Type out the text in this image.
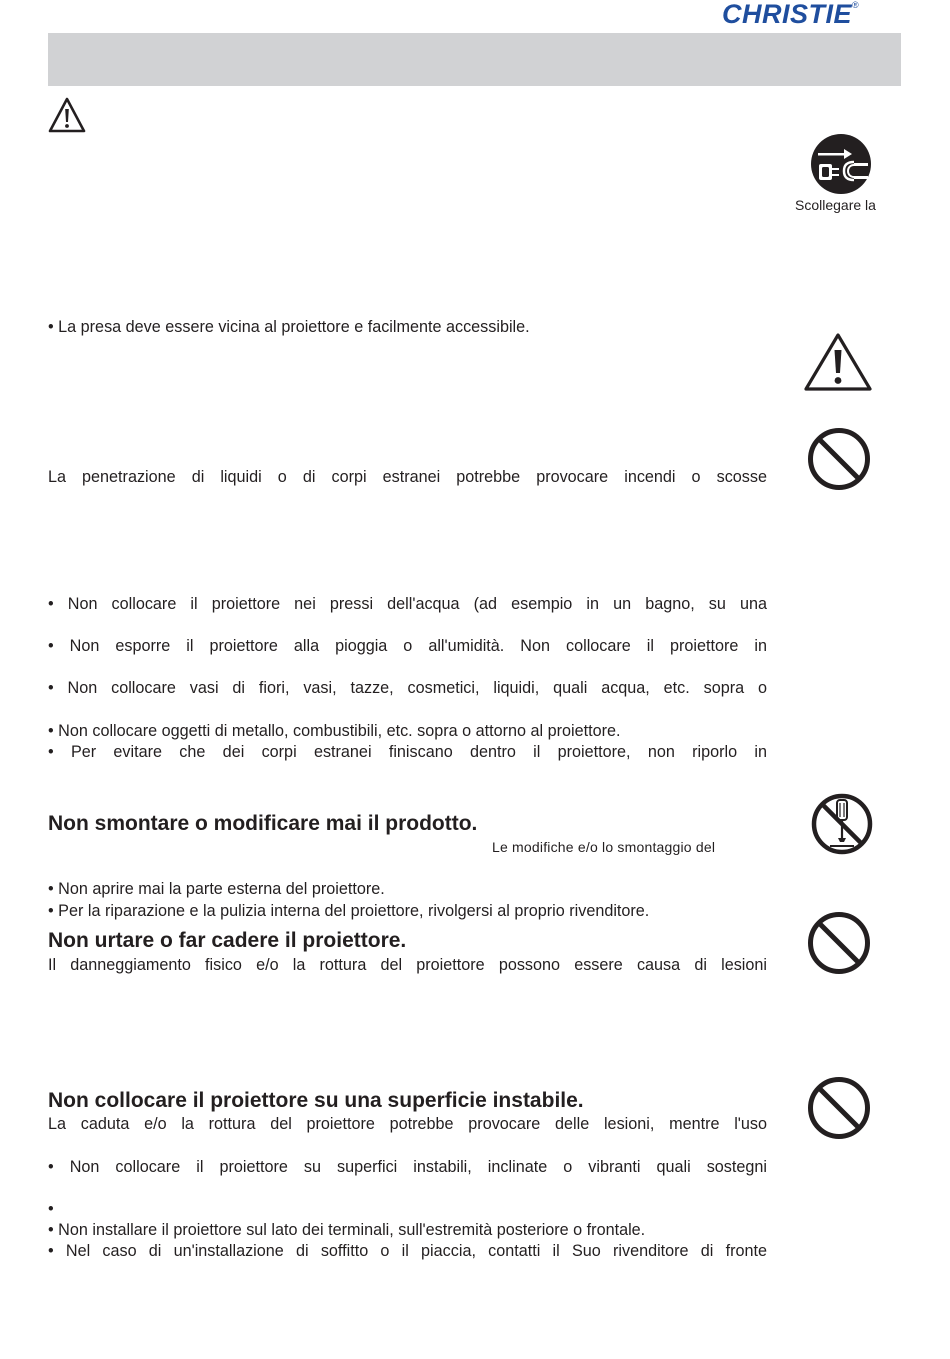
CHRISTIE®
Scollegare la
• La presa deve essere vicina al proiettore e facilmente accessibile.
La penetrazione di liquidi o di corpi estranei potrebbe provocare incendi o scosse
• Non collocare il proiettore nei pressi dell'acqua (ad esempio in un bagno, su una
• Non esporre il proiettore alla pioggia o all'umidità. Non collocare il proiettore in
• Non collocare vasi di fiori, vasi, tazze, cosmetici, liquidi, quali acqua, etc. sopra o
• Non collocare oggetti di metallo, combustibili, etc. sopra o attorno al proiettore.
• Per evitare che dei corpi estranei finiscano dentro il proiettore, non riporlo in
Non smontare o modificare mai il prodotto.
Le modifiche e/o lo smontaggio del
• Non aprire mai la parte esterna del proiettore.
• Per la riparazione e la pulizia interna del proiettore, rivolgersi al proprio rivenditore.
Non urtare o far cadere il proiettore.
Il danneggiamento fisico e/o la rottura del proiettore possono essere causa di lesioni
Non collocare il proiettore su una superficie instabile.
La caduta e/o la rottura del proiettore potrebbe provocare delle lesioni, mentre l'uso
• Non collocare il proiettore su superfici instabili, inclinate o vibranti quali sostegni
•
• Non installare il proiettore sul lato dei terminali, sull'estremità posteriore o frontale.
• Nel caso di un'installazione di soffitto o il piaccia, contatti il Suo rivenditore di fronte
